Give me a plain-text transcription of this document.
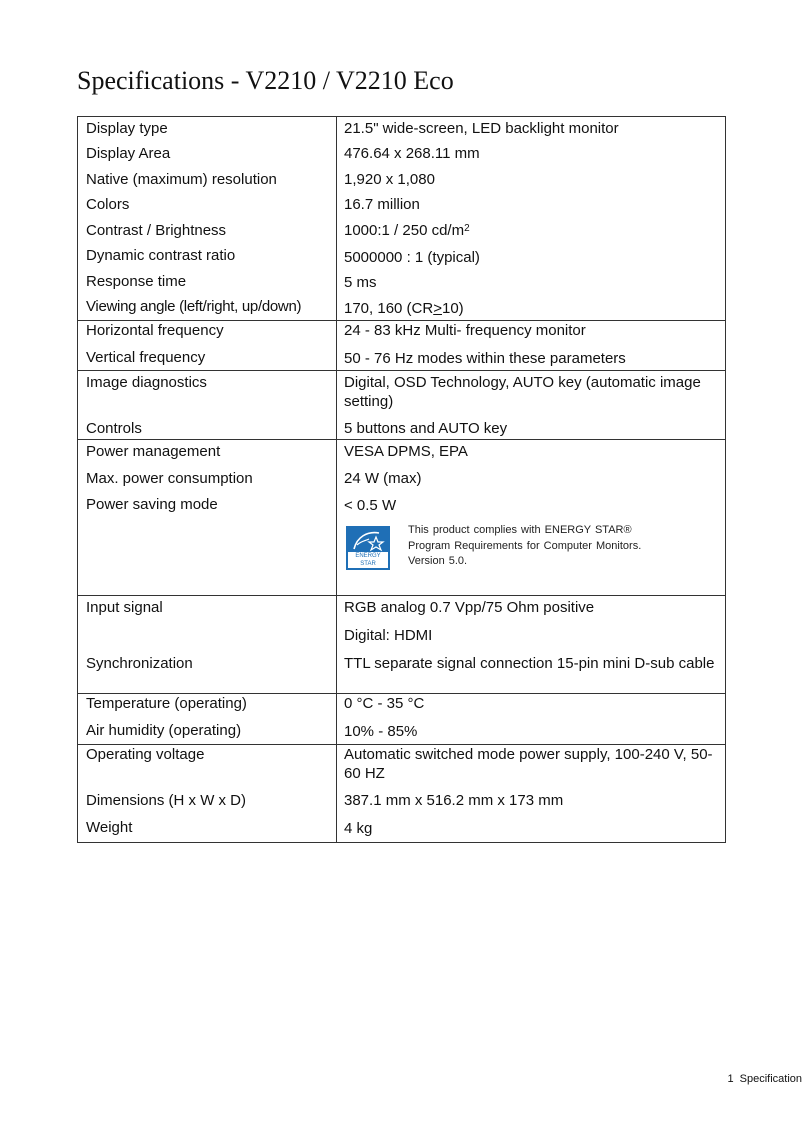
Specifications - V2210 / V2210 Eco
Display type
Display Area
Native (maximum) resolution
Colors
Contrast / Brightness
Dynamic contrast ratio
Response time
Viewing angle (left/right, up/down)
21.5" wide-screen, LED backlight monitor
476.64 x 268.11 mm
1,920 x 1,080
16.7 million
1000:1 / 250 $cd/m^2$
5000000 : 1 (typical)
5 ms
170, 160 (CR≥10)
Horizontal frequency
Vertical frequency
24 - 83 kHz Multi- frequency monitor
50 - 76 Hz modes within these parameters
Image diagnostics
Controls
Digital, OSD Technology, AUTO key (automatic image setting)
5 buttons and AUTO key
Power management
Max. power consumption
Power saving mode
VESA DPMS, EPA
24 W (max)
< 0.5 W
ENERGY STAR
This product complies with ENERGY STAR® Program Requirements for Computer Monitors. Version 5.0.
Input signal
Synchronization
RGB analog 0.7 Vpp/75 Ohm positive
Digital: HDMI
TTL separate signal connection 15-pin mini D-sub cable
Temperature (operating)
Air humidity (operating)
0 °C - 35 °C
10% - 85%
Operating voltage
Dimensions (H x W x D)
Weight
Automatic switched mode power supply, 100-240 V, 50-60 HZ
387.1 mm x 516.2 mm x 173 mm
4 kg
1 Specification
